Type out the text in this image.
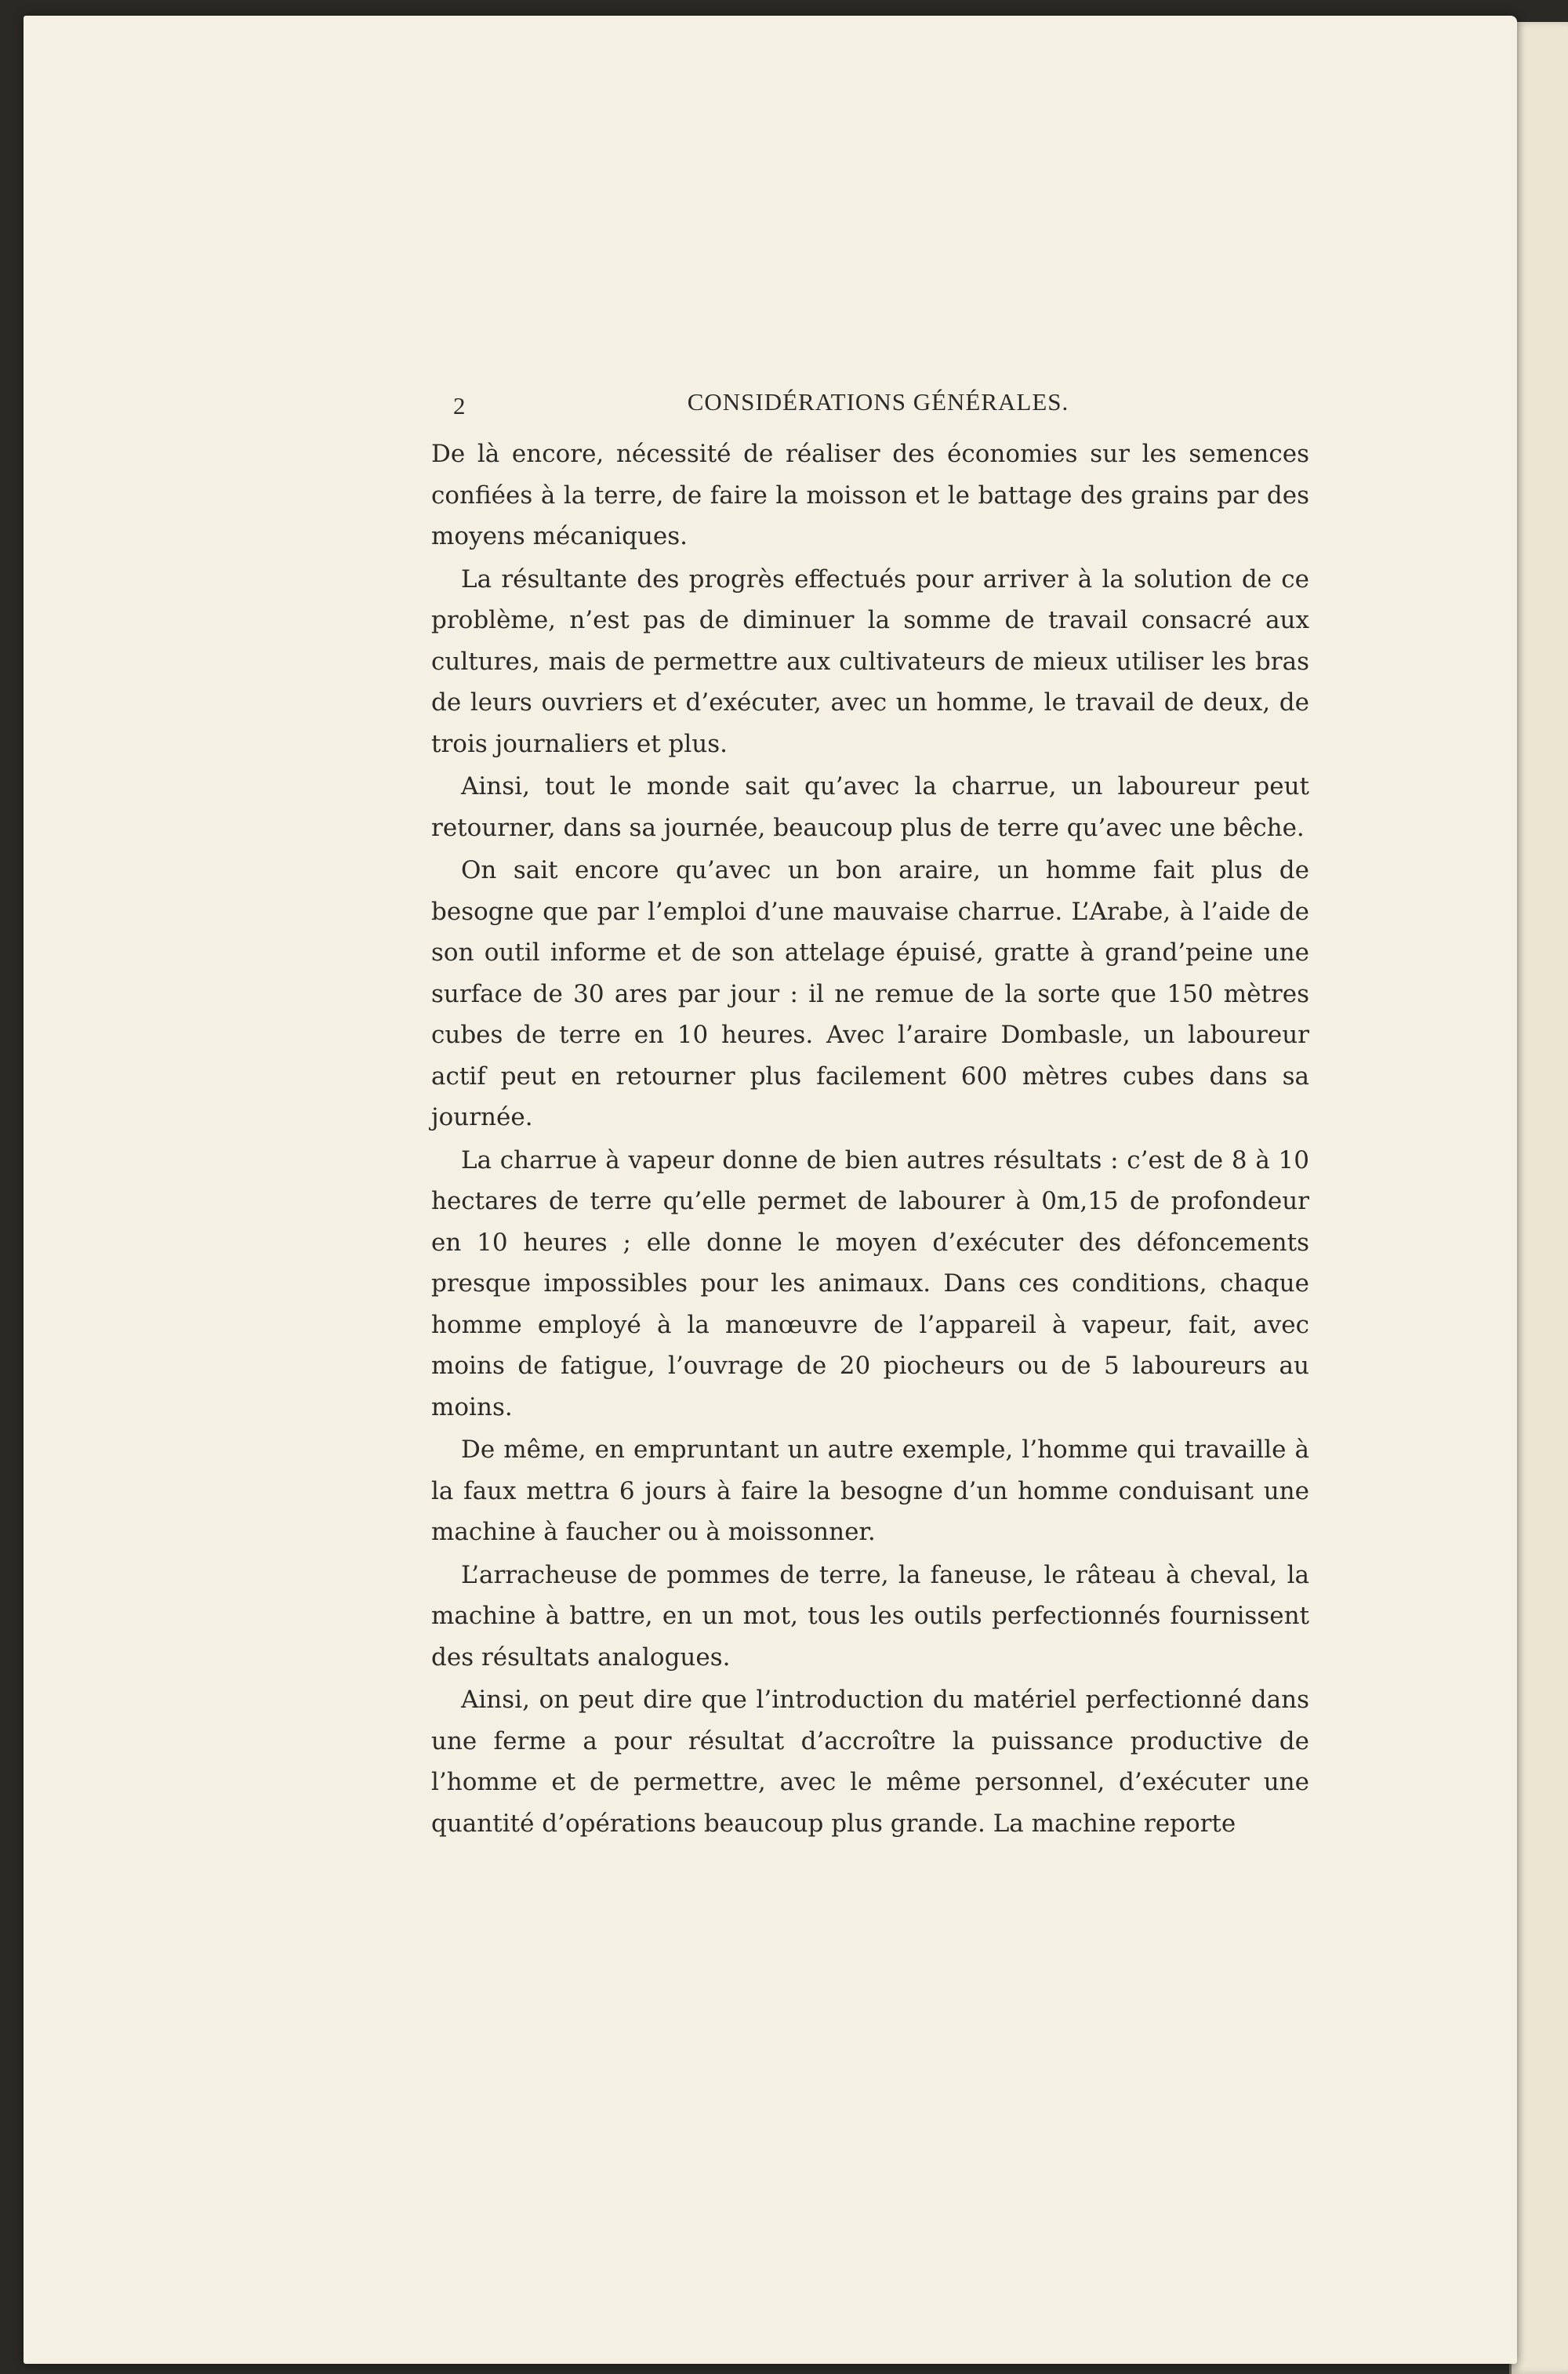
2	CONSIDÉRATIONS GÉNÉRALES.

De là encore, nécessité de réaliser des économies sur les semences confiées à la terre, de faire la moisson et le battage des grains par des moyens mécaniques.

La résultante des progrès effectués pour arriver à la solution de ce problème, n’est pas de diminuer la somme de travail consacré aux cultures, mais de permettre aux cultivateurs de mieux utiliser les bras de leurs ouvriers et d’exécuter, avec un homme, le travail de deux, de trois journaliers et plus.

Ainsi, tout le monde sait qu’avec la charrue, un laboureur peut retourner, dans sa journée, beaucoup plus de terre qu’avec une bêche.

On sait encore qu’avec un bon araire, un homme fait plus de besogne que par l’emploi d’une mauvaise charrue. L’Arabe, à l’aide de son outil informe et de son attelage épuisé, gratte à grand’peine une surface de 30 ares par jour : il ne remue de la sorte que 150 mètres cubes de terre en 10 heures. Avec l’araire Dombasle, un laboureur actif peut en retourner plus facilement 600 mètres cubes dans sa journée.

La charrue à vapeur donne de bien autres résultats : c’est de 8 à 10 hectares de terre qu’elle permet de labourer à 0m,15 de profondeur en 10 heures ; elle donne le moyen d’exécuter des défoncements presque impossibles pour les animaux. Dans ces conditions, chaque homme employé à la manœuvre de l’appareil à vapeur, fait, avec moins de fatigue, l’ouvrage de 20 piocheurs ou de 5 laboureurs au moins.

De même, en empruntant un autre exemple, l’homme qui travaille à la faux mettra 6 jours à faire la besogne d’un homme conduisant une machine à faucher ou à moissonner.

L’arracheuse de pommes de terre, la faneuse, le râteau à cheval, la machine à battre, en un mot, tous les outils perfectionnés fournissent des résultats analogues.

Ainsi, on peut dire que l’introduction du matériel perfectionné dans une ferme a pour résultat d’accroître la puissance productive de l’homme et de permettre, avec le même personnel, d’exécuter une quantité d’opérations beaucoup plus grande. La machine reporte
